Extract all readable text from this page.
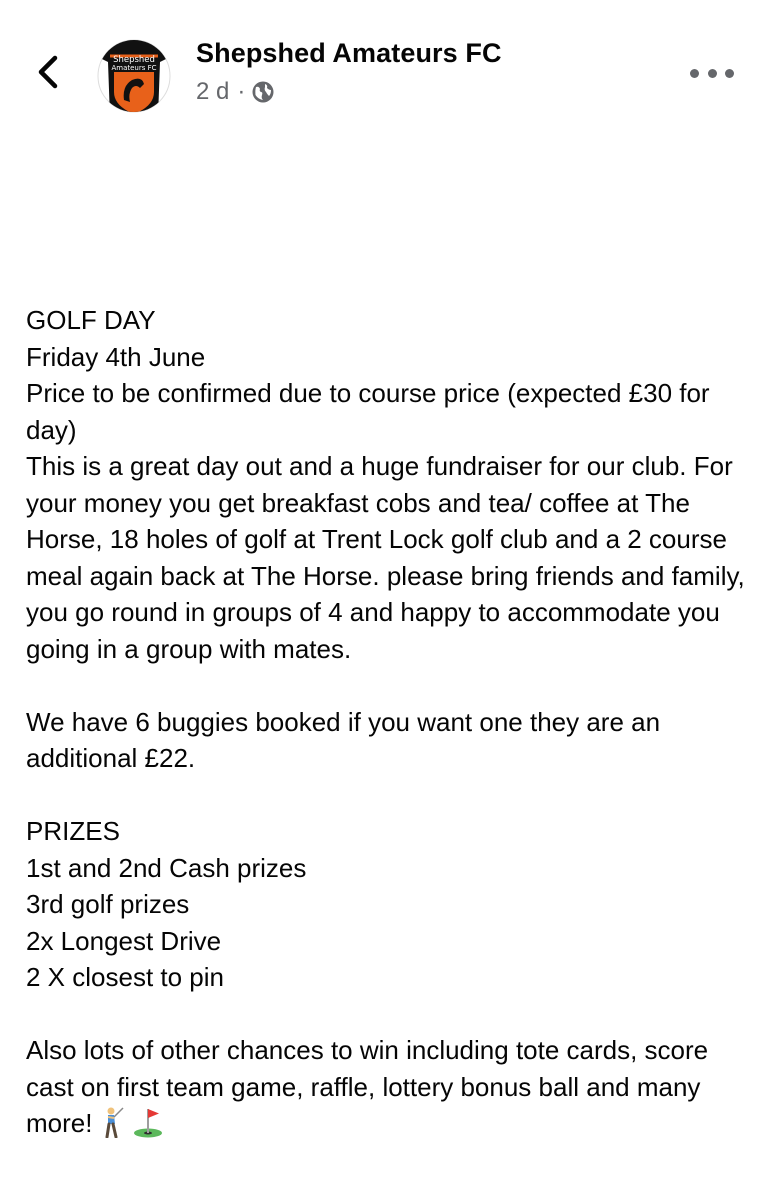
Shepshed
Amateurs FC Shepshed Amateurs FC
2 d ·

GOLF DAY

Friday 4th June

Price to be confirmed due to course price (expected £30 for day)

This is a great day out and a huge fundraiser for our club. For your money you get breakfast cobs and tea/ coffee at The Horse, 18 holes of golf at Trent Lock golf club and a 2 course meal again back at The Horse. please bring friends and family, you go round in groups of 4 and happy to accommodate you going in a group with mates.

We have 6 buggies booked if you want one they are an additional £22.

PRIZES

1st and 2nd Cash prizes

3rd golf prizes

2x Longest Drive

2 X closest to pin

Also lots of other chances to win including tote cards, score cast on first team game, raffle, lottery bonus ball and many more!
